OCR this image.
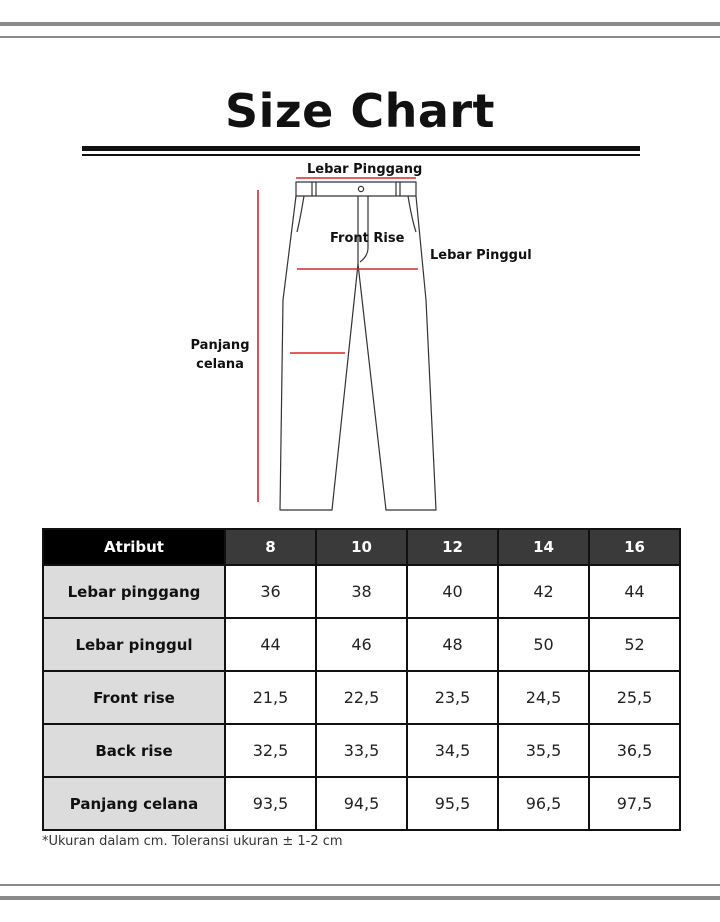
Size Chart
Lebar Pinggang
Front Rise
Lebar Pinggul
Panjang
celana
Atribut	8	10	12	14	16
Lebar pinggang	36	38	40	42	44
Lebar pinggul	44	46	48	50	52
Front rise	21,5	22,5	23,5	24,5	25,5
Back rise	32,5	33,5	34,5	35,5	36,5
Panjang celana	93,5	94,5	95,5	96,5	97,5
*Ukuran dalam cm. Toleransi ukuran ± 1-2 cm
